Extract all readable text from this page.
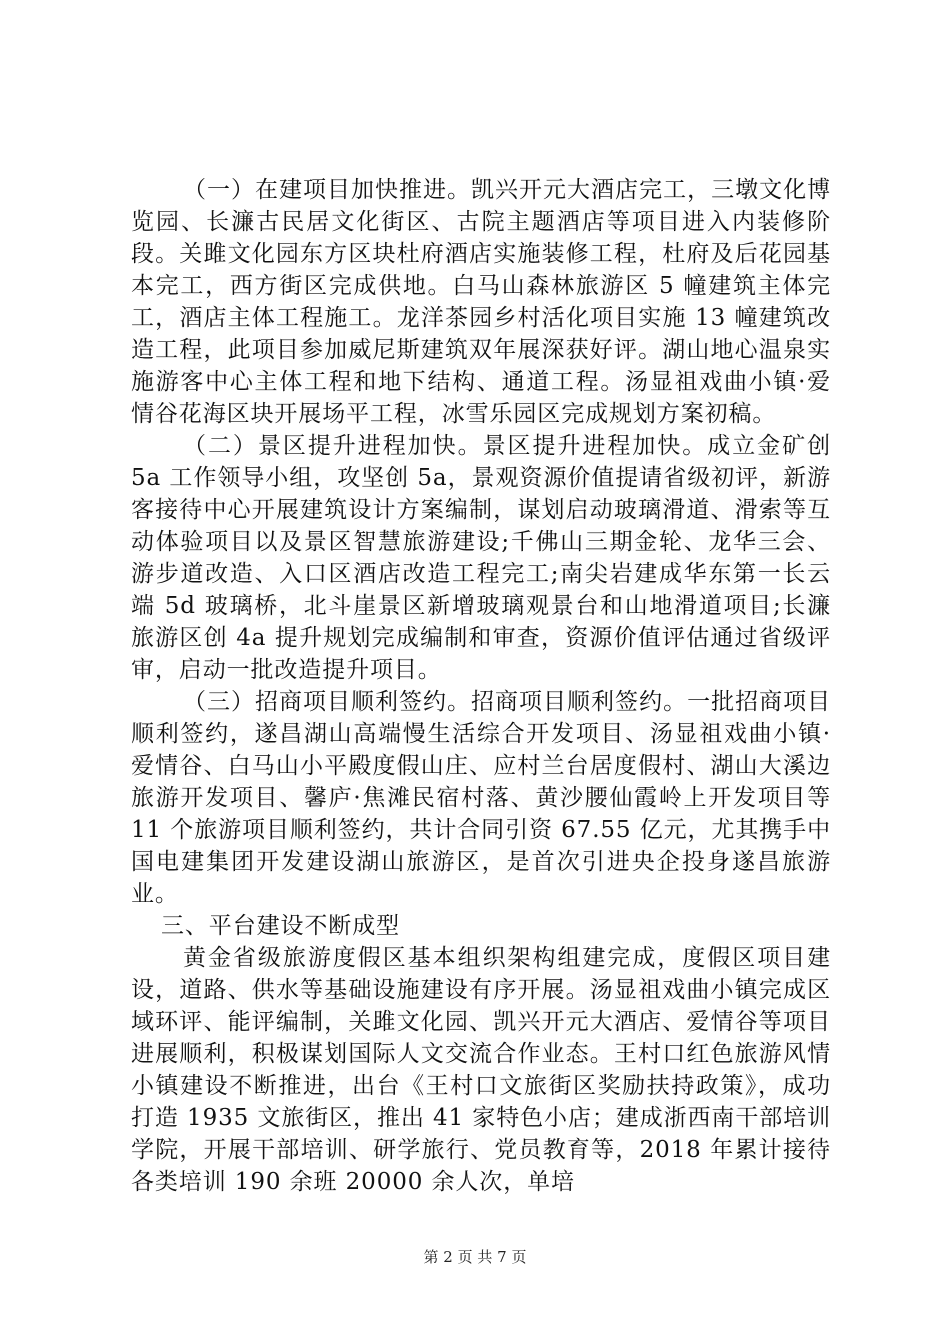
（一）在建项目加快推进。凯兴开元大酒店完工，三墩文化博览园、长濂古民居文化街区、古院主题酒店等项目进入内装修阶段。关雎文化园东方区块杜府酒店实施装修工程，杜府及后花园基本完工，西方街区完成供地。白马山森林旅游区 5 幢建筑主体完工，酒店主体工程施工。龙洋茶园乡村活化项目实施 13 幢建筑改造工程，此项目参加威尼斯建筑双年展深获好评。湖山地心温泉实施游客中心主体工程和地下结构、通道工程。汤显祖戏曲小镇·爱情谷花海区块开展场平工程，冰雪乐园区完成规划方案初稿。

（二）景区提升进程加快。景区提升进程加快。成立金矿创 5a 工作领导小组，攻坚创 5a，景观资源价值提请省级初评，新游客接待中心开展建筑设计方案编制，谋划启动玻璃滑道、滑索等互动体验项目以及景区智慧旅游建设;千佛山三期金轮、龙华三会、游步道改造、入口区酒店改造工程完工;南尖岩建成华东第一长云端 5d 玻璃桥，北斗崖景区新增玻璃观景台和山地滑道项目;长濂旅游区创 4a 提升规划完成编制和审查，资源价值评估通过省级评审，启动一批改造提升项目。

（三）招商项目顺利签约。招商项目顺利签约。一批招商项目顺利签约，遂昌湖山高端慢生活综合开发项目、汤显祖戏曲小镇·爱情谷、白马山小平殿度假山庄、应村兰台居度假村、湖山大溪边旅游开发项目、馨庐·焦滩民宿村落、黄沙腰仙霞岭上开发项目等 11 个旅游项目顺利签约，共计合同引资 67.55 亿元，尤其携手中国电建集团开发建设湖山旅游区，是首次引进央企投身遂昌旅游业。

三、平台建设不断成型

黄金省级旅游度假区基本组织架构组建完成，度假区项目建设，道路、供水等基础设施建设有序开展。汤显祖戏曲小镇完成区域环评、能评编制，关雎文化园、凯兴开元大酒店、爱情谷等项目进展顺利，积极谋划国际人文交流合作业态。王村口红色旅游风情小镇建设不断推进，出台《王村口文旅街区奖励扶持政策》，成功打造 1935 文旅街区，推出 41 家特色小店；建成浙西南干部培训学院，开展干部培训、研学旅行、党员教育等，2018 年累计接待各类培训 190 余班 20000 余人次，单培

第 2 页 共 7 页
